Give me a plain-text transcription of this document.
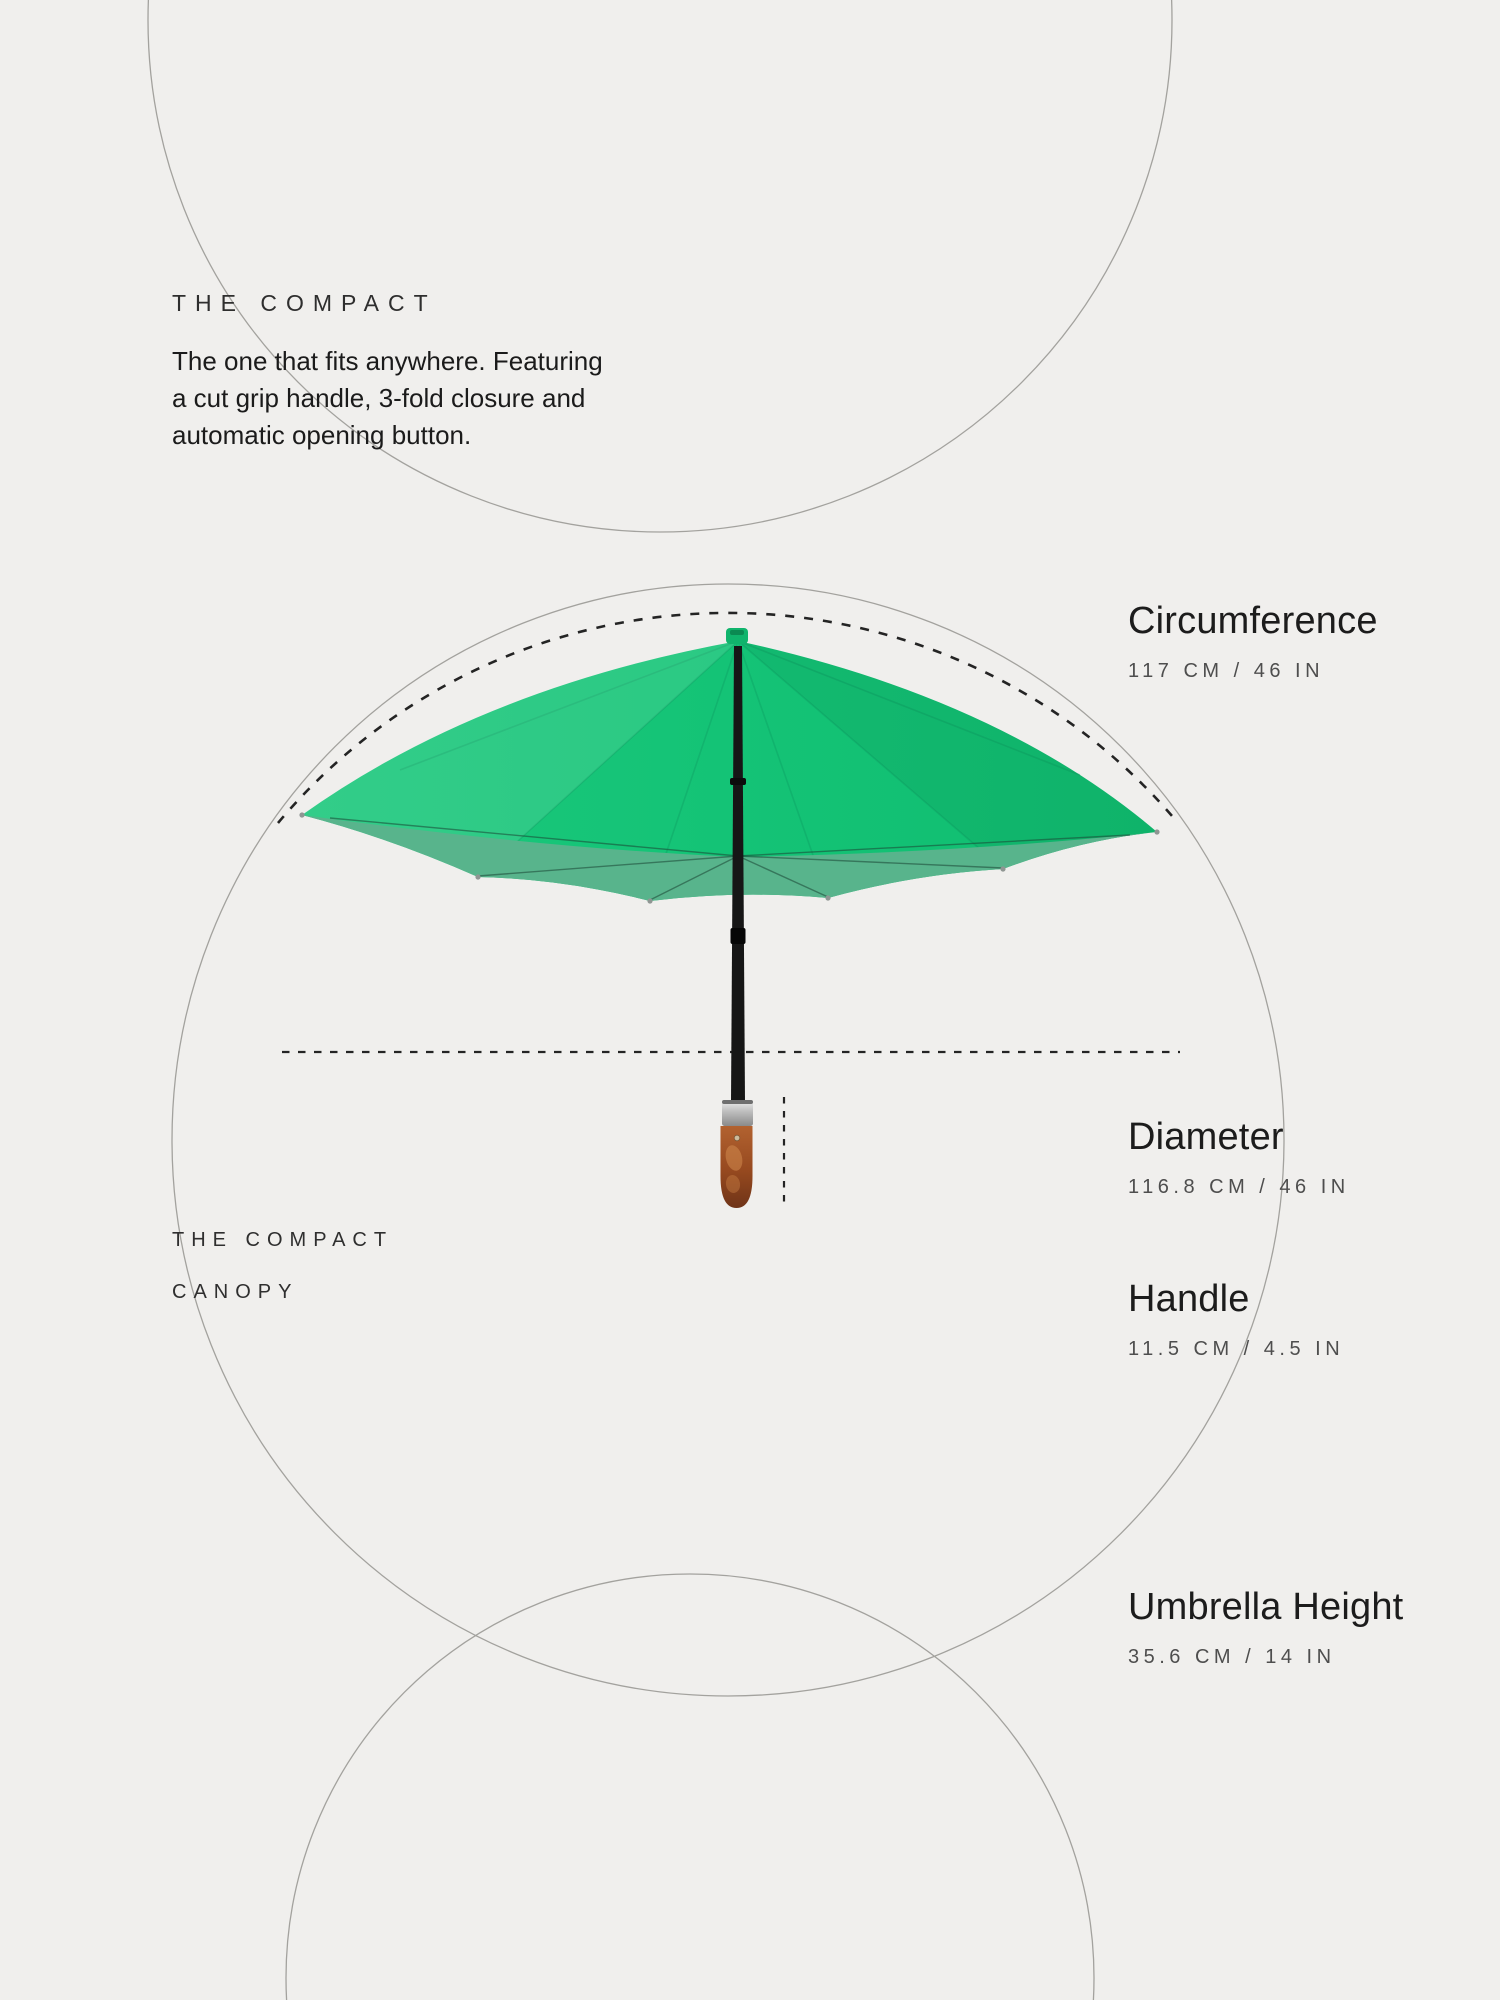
THE COMPACT
The one that fits anywhere. Featuring
a cut grip handle, 3-fold closure and
automatic opening button.
THE COMPACT
CANOPY
Circumference
117 CM / 46 IN
Diameter
116.8 CM / 46 IN
Handle
11.5 CM / 4.5 IN
Umbrella Height
35.6 CM / 14 IN
